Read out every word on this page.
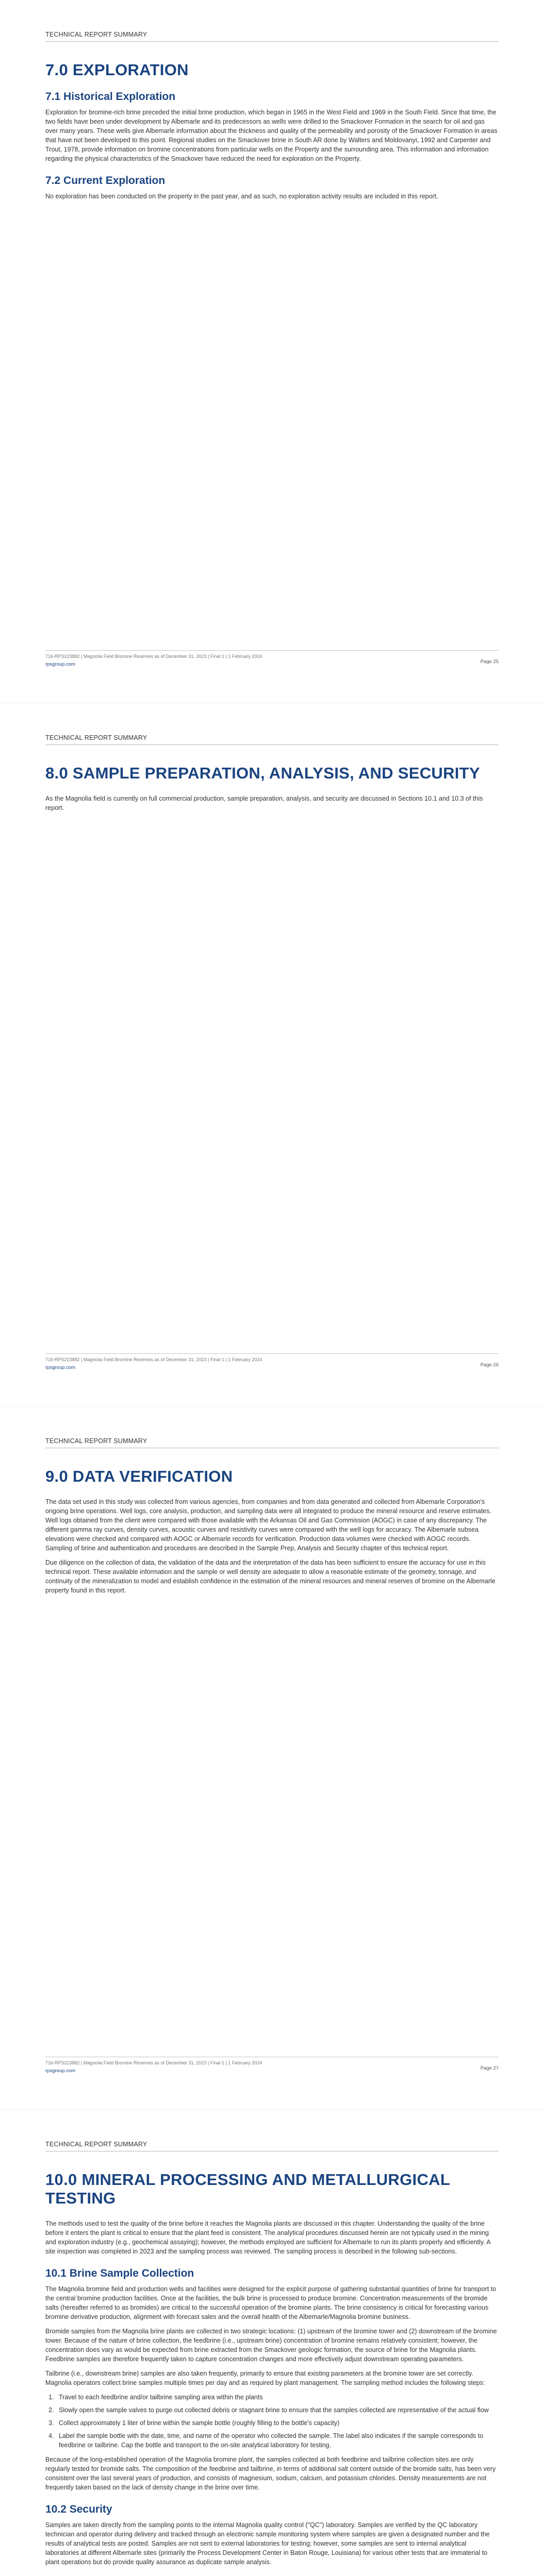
TECHNICAL REPORT SUMMARY
7.0 EXPLORATION
7.1 Historical Exploration

Exploration for bromine-rich brine preceded the initial brine production, which began in 1965 in the West Field and 1969 in the South Field. Since that time, the two fields have been under development by Albemarle and its predecessors as wells were drilled to the Smackover Formation in the search for oil and gas over many years. These wells give Albemarle information about the thickness and quality of the permeability and porosity of the Smackover Formation in areas that have not been developed to this point. Regional studies on the Smackover brine in South AR done by Walters and Moldovanyi, 1992 and Carpenter and Trout, 1978, provide information on bromine concentrations from particular wells on the Property and the surrounding area. This information and information regarding the physical characteristics of the Smackover have reduced the need for exploration on the Property.

7.2 Current Exploration

No exploration has been conducted on the property in the past year, and as such, no exploration activity results are included in this report.

716-RPS223882 | Magnolia Field Bromine Reserves as of December 31, 2023 | Final 1 | 1 February 2024
rpsgroup.com	Page 25
TECHNICAL REPORT SUMMARY
8.0 SAMPLE PREPARATION, ANALYSIS, AND SECURITY

As the Magnolia field is currently on full commercial production, sample preparation, analysis, and security are discussed in Sections 10.1 and 10.3 of this report.

716-RPS223882 | Magnolia Field Bromine Reserves as of December 31, 2023 | Final 1 | 1 February 2024
rpsgroup.com	Page 26
TECHNICAL REPORT SUMMARY
9.0 DATA VERIFICATION

The data set used in this study was collected from various agencies, from companies and from data generated and collected from Albemarle Corporation's ongoing brine operations. Well logs, core analysis, production, and sampling data were all integrated to produce the mineral resource and reserve estimates. Well logs obtained from the client were compared with those available with the Arkansas Oil and Gas Commission (AOGC) in case of any discrepancy. The different gamma ray curves, density curves, acoustic curves and resistivity curves were compared with the well logs for accuracy. The Albemarle subsea elevations were checked and compared with AOGC or Albemarle records for verification. Production data volumes were checked with AOGC records. Sampling of brine and authentication and procedures are described in the Sample Prep, Analysis and Security chapter of this technical report.

Due diligence on the collection of data, the validation of the data and the interpretation of the data has been sufficient to ensure the accuracy for use in this technical report. These available information and the sample or well density are adequate to allow a reasonable estimate of the geometry, tonnage, and continuity of the mineralization to model and establish confidence in the estimation of the mineral resources and mineral reserves of bromine on the Albemarle property found in this report.

716-RPS223882 | Magnolia Field Bromine Reserves as of December 31, 2023 | Final 1 | 1 February 2024
rpsgroup.com	Page 27
TECHNICAL REPORT SUMMARY
10.0 MINERAL PROCESSING AND METALLURGICAL TESTING

The methods used to test the quality of the brine before it reaches the Magnolia plants are discussed in this chapter. Understanding the quality of the brine before it enters the plant is critical to ensure that the plant feed is consistent. The analytical procedures discussed herein are not typically used in the mining and exploration industry (e.g., geochemical assaying); however, the methods employed are sufficient for Albemarle to run its plants properly and efficiently. A site inspection was completed in 2023 and the sampling process was reviewed. The sampling process is described in the following sub-sections.

10.1 Brine Sample Collection

The Magnolia bromine field and production wells and facilities were designed for the explicit purpose of gathering substantial quantities of brine for transport to the central bromine production facilities. Once at the facilities, the bulk brine is processed to produce bromine. Concentration measurements of the bromide salts (hereafter referred to as bromides) are critical to the successful operation of the bromine plants. The brine consistency is critical for forecasting various bromine derivative production, alignment with forecast sales and the overall health of the Albemarle/Magnolia bromine business.

Bromide samples from the Magnolia brine plants are collected in two strategic locations: (1) upstream of the bromine tower and (2) downstream of the bromine tower. Because of the nature of brine collection, the feedbrine (i.e., upstream brine) concentration of bromine remains relatively consistent; however, the concentration does vary as would be expected from brine extracted from the Smackover geologic formation, the source of brine for the Magnolia plants. Feedbrine samples are therefore frequently taken to capture concentration changes and more effectively adjust downstream operating parameters.

Tailbrine (i.e., downstream brine) samples are also taken frequently, primarily to ensure that existing parameters at the bromine tower are set correctly. Magnolia operators collect brine samples multiple times per day and as required by plant management. The sampling method includes the following steps:

1. Travel to each feedbrine and/or tailbrine sampling area within the plants
2. Slowly open the sample valves to purge out collected debris or stagnant brine to ensure that the samples collected are representative of the actual flow
3. Collect approximately 1 liter of brine within the sample bottle (roughly filling to the bottle's capacity)
4. Label the sample bottle with the date, time, and name of the operator who collected the sample. The label also indicates if the sample corresponds to feedbrine or tailbrine. Cap the bottle and transport to the on-site analytical laboratory for testing.

Because of the long-established operation of the Magnolia bromine plant, the samples collected at both feedbrine and tailbrine collection sites are only regularly tested for bromide salts. The composition of the feedbrine and tailbrine, in terms of additional salt content outside of the bromide salts, has been very consistent over the last several years of production, and consists of magnesium, sodium, calcium, and potassium chlorides. Density measurements are not frequently taken based on the lack of density change in the brine over time.

10.2 Security

Samples are taken directly from the sampling points to the internal Magnolia quality control ("QC") laboratory. Samples are verified by the QC laboratory technician and operator during delivery and tracked through an electronic sample monitoring system where samples are given a designated number and the results of analytical tests are posted. Samples are not sent to external laboratories for testing; however, some samples are sent to internal analytical laboratories at different Albemarle sites (primarily the Process Development Center in Baton Rouge, Louisiana) for various other tests that are immaterial to plant operations but do provide quality assurance as duplicate sample analysis.
